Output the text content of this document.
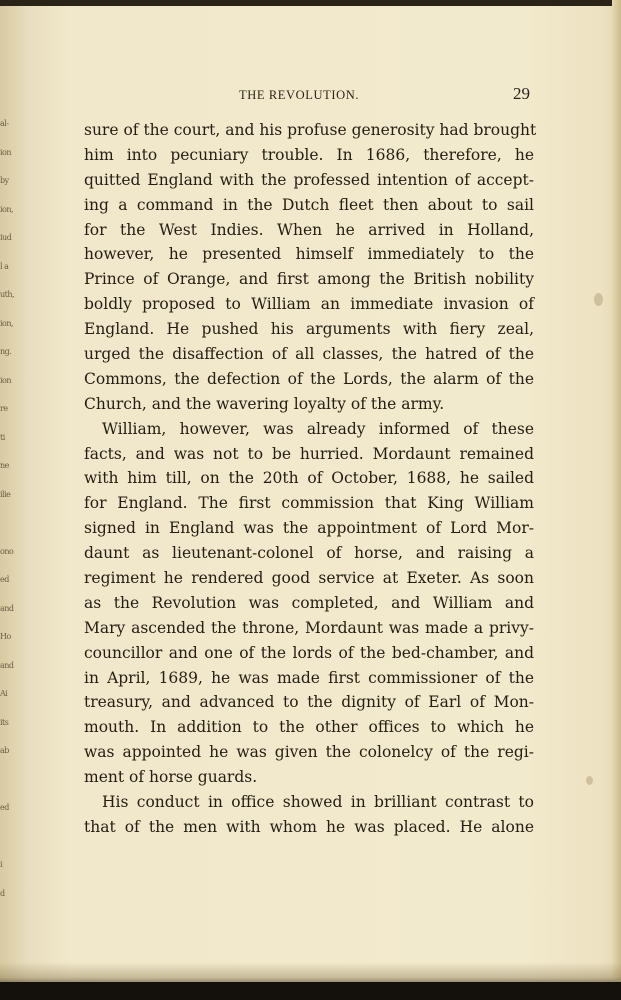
al-
ion
by
ion,
iud
l a
uth,
ion,
ng.
ion
re
ti
ne
ilie
ono
ed
and
Ho
and
Ai
its
ab
ed
i
d
THE REVOLUTION.	29
sure of the court, and his profuse generosity had brought
him into pecuniary trouble. In 1686, therefore, he
quitted England with the professed intention of accept-
ing a command in the Dutch fleet then about to sail
for the West Indies. When he arrived in Holland,
however, he presented himself immediately to the
Prince of Orange, and first among the British nobility
boldly proposed to William an immediate invasion of
England. He pushed his arguments with fiery zeal,
urged the disaffection of all classes, the hatred of the
Commons, the defection of the Lords, the alarm of the
Church, and the wavering loyalty of the army.
William, however, was already informed of these
facts, and was not to be hurried. Mordaunt remained
with him till, on the 20th of October, 1688, he sailed
for England. The first commission that King William
signed in England was the appointment of Lord Mor-
daunt as lieutenant-colonel of horse, and raising a
regiment he rendered good service at Exeter. As soon
as the Revolution was completed, and William and
Mary ascended the throne, Mordaunt was made a privy-
councillor and one of the lords of the bed-chamber, and
in April, 1689, he was made first commissioner of the
treasury, and advanced to the dignity of Earl of Mon-
mouth. In addition to the other offices to which he
was appointed he was given the colonelcy of the regi-
ment of horse guards.
His conduct in office showed in brilliant contrast to
that of the men with whom he was placed. He alone
